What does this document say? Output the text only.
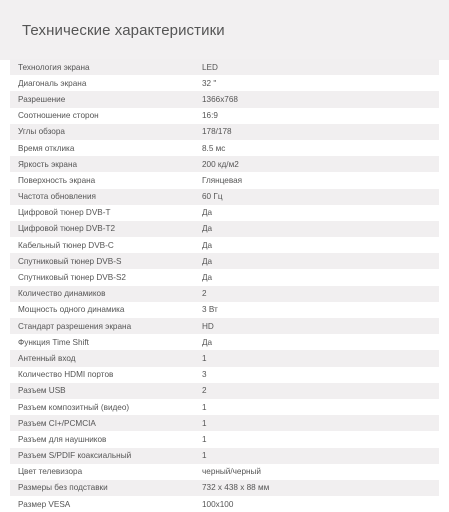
Технические характеристики
Технология экрана	LED
Диагональ экрана	32 "
Разрешение	1366x768
Соотношение сторон	16:9
Углы обзора	178/178
Время отклика	8.5 мс
Яркость экрана	200 кд/м2
Поверхность экрана	Глянцевая
Частота обновления	60 Гц
Цифровой тюнер DVB-T	Да
Цифровой тюнер DVB-T2	Да
Кабельный тюнер DVB-C	Да
Спутниковый тюнер DVB-S	Да
Спутниковый тюнер DVB-S2	Да
Количество динамиков	2
Мощность одного динамика	3 Вт
Стандарт разрешения экрана	HD
Функция Time Shift	Да
Антенный вход	1
Количество HDMI портов	3
Разъем USB	2
Разъем композитный (видео)	1
Разъем CI+/PCMCIA	1
Разъем для наушников	1
Разъем S/PDIF коаксиальный	1
Цвет телевизора	черный/черный
Размеры без подставки	732 x 438 x 88 мм
Размер VESA	100x100
